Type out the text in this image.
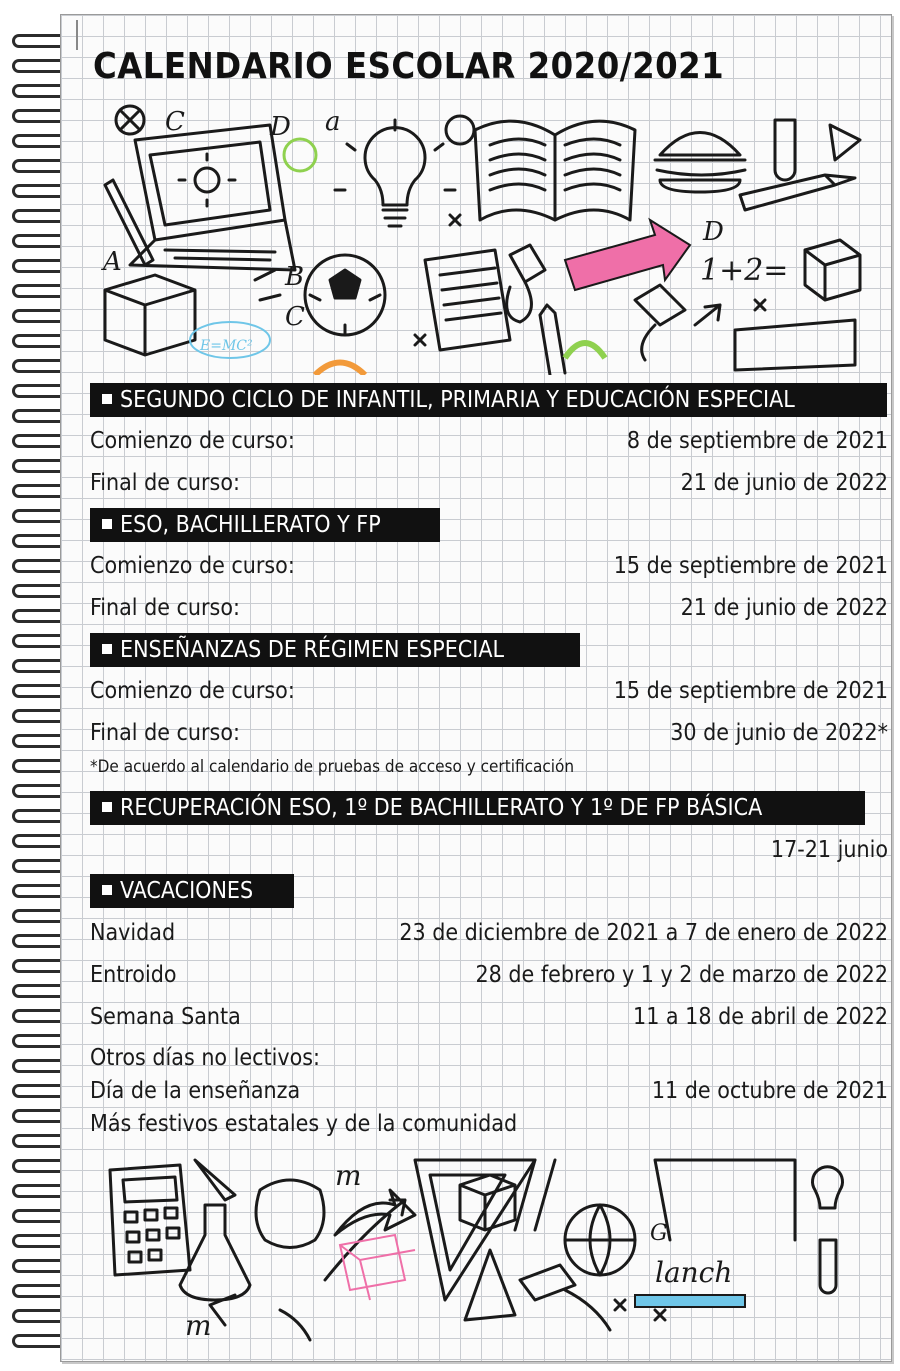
CALENDARIO ESCOLAR 2020/2021
C	D a
A	B
C
D
1+2=
E=MC²
SEGUNDO CICLO DE INFANTIL, PRIMARIA Y EDUCACIÓN ESPECIAL
Comienzo de curso:	8 de septiembre de 2021
Final de curso:	21 de junio de 2022
ESO, BACHILLERATO Y FP
Comienzo de curso:	15 de septiembre de 2021
Final de curso:	21 de junio de 2022
ENSEÑANZAS DE RÉGIMEN ESPECIAL
Comienzo de curso:	15 de septiembre de 2021
Final de curso:	30 de junio de 2022*
*De acuerdo al calendario de pruebas de acceso y certificación
RECUPERACIÓN ESO, 1º DE BACHILLERATO Y 1º DE FP BÁSICA
17-21 junio
VACACIONES
Navidad	23 de diciembre de 2021 a 7 de enero de 2022
Entroido	28 de febrero y 1 y 2 de marzo de 2022
Semana Santa	11 a 18 de abril de 2022
Otros días no lectivos:
Día de la enseñanza	11 de octubre de 2021
Más festivos estatales y de la comunidad
m
m
G
lanch
